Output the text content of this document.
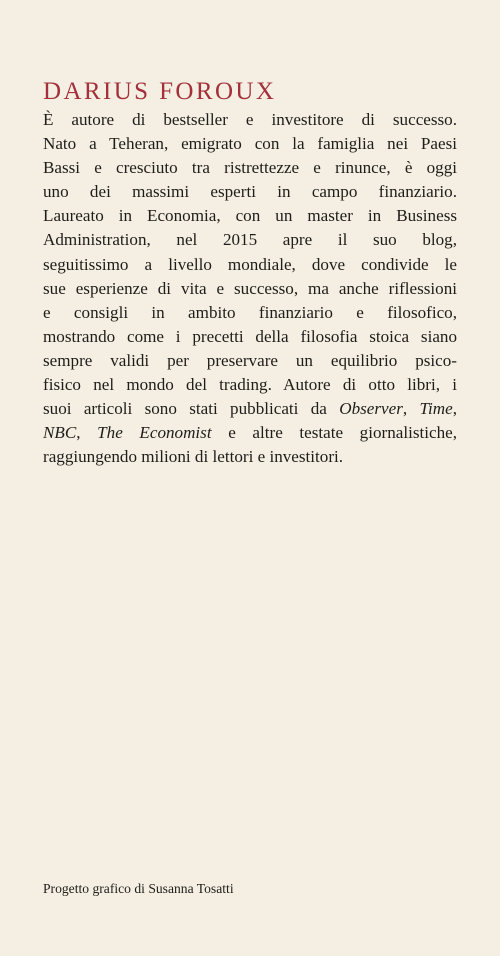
DARIUS FOROUX
È autore di bestseller e investitore di successo.
Nato a Teheran, emigrato con la famiglia nei Paesi
Bassi e cresciuto tra ristrettezze e rinunce, è oggi
uno dei massimi esperti in campo finanziario.
Laureato in Economia, con un master in Business
Administration, nel 2015 apre il suo blog,
seguitissimo a livello mondiale, dove condivide le
sue esperienze di vita e successo, ma anche riflessioni
e consigli in ambito finanziario e filosofico,
mostrando come i precetti della filosofia stoica siano
sempre validi per preservare un equilibrio psico-
fisico nel mondo del trading. Autore di otto libri, i
suoi articoli sono stati pubblicati da Observer, Time,
NBC, The Economist e altre testate giornalistiche,
raggiungendo milioni di lettori e investitori.

Progetto grafico di Susanna Tosatti
